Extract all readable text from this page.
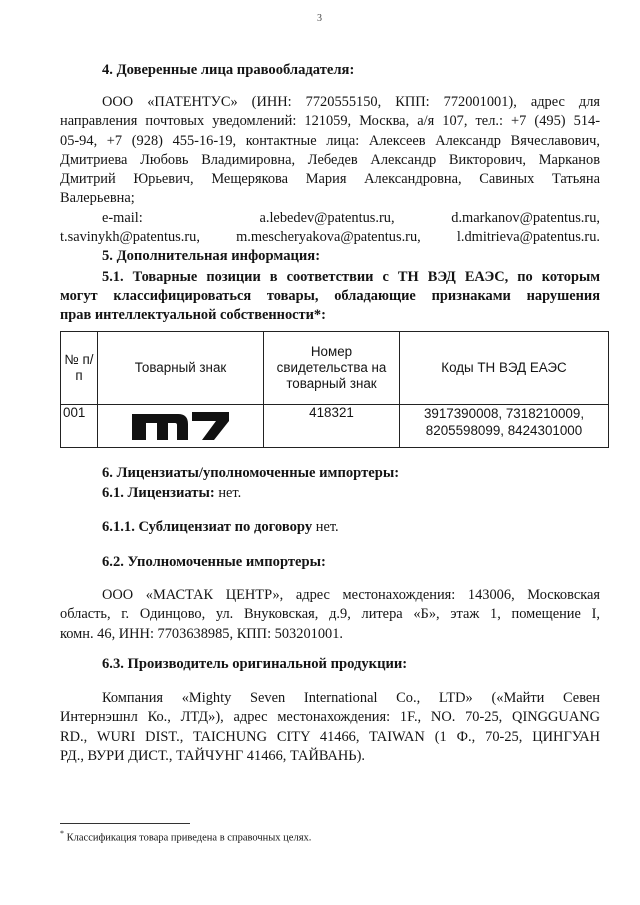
3
4. Доверенные лица правообладателя:
ООО «ПАТЕНТУС» (ИНН: 7720555150, КПП: 772001001), адрес для
направления почтовых уведомлений: 121059, Москва, а/я 107, тел.: +7 (495) 514-
05-94, +7 (928) 455-16-19, контактные лица: Алексеев Александр Вячеславович,
Дмитриева Любовь Владимировна, Лебедев Александр Викторович, Марканов
Дмитрий Юрьевич, Мещерякова Мария Александровна, Савиных Татьяна
Валерьевна;
e-mail:	a.lebedev@patentus.ru,	d.markanov@patentus.ru,
t.savinykh@patentus.ru, m.mescheryakova@patentus.ru, l.dmitrieva@patentus.ru.
5. Дополнительная информация:
5.1. Товарные позиции в соответствии с ТН ВЭД ЕАЭС, по которым
могут классифицироваться товары, обладающие признаками нарушения
прав интеллектуальной собственности*:
№ п/п	Товарный знак	Номер свидетельства на товарный знак	Коды ТН ВЭД ЕАЭС
001		418321	3917390008, 7318210009, 8205598099, 8424301000
6. Лицензиаты/уполномоченные импортеры:
6.1. Лицензиаты: нет.
6.1.1. Сублицензиат по договору нет.
6.2. Уполномоченные импортеры:
ООО «МАСТАК ЦЕНТР», адрес местонахождения: 143006, Московская
область, г. Одинцово, ул. Внуковская, д.9, литера «Б», этаж 1, помещение I,
комн. 46, ИНН: 7703638985, КПП: 503201001.
6.3. Производитель оригинальной продукции:
Компания «Mighty Seven International Co., LTD» («Майти Севен
Интернэшнл Ко., ЛТД»), адрес местонахождения: 1F., NO. 70-25, QINGGUANG
RD., WURI DIST., TAICHUNG CITY 41466, TAIWAN (1 Ф., 70-25, ЦИНГУАН
РД., ВУРИ ДИСТ., ТАЙЧУНГ 41466, ТАЙВАНЬ).
* Классификация товара приведена в справочных целях.
